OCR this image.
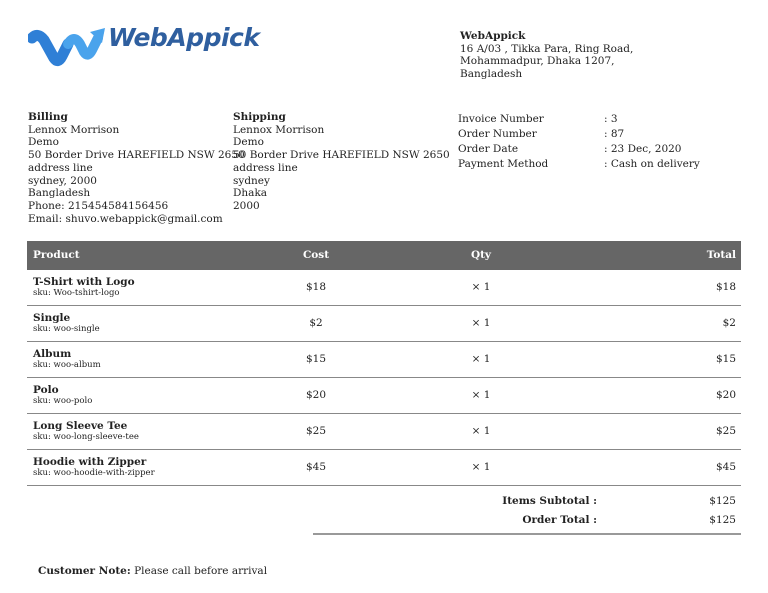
WebAppick	WebAppick
16 A/03 , Tikka Para, Ring Road,
Mohammadpur, Dhaka 1207,
Bangladesh
Billing
Lennox Morrison
Demo
50 Border Drive HAREFIELD NSW 2650
address line
sydney, 2000
Bangladesh
Phone: 215454584156456
Email: shuvo.webappick@gmail.com
Shipping
Lennox Morrison
Demo
50 Border Drive HAREFIELD NSW 2650
address line
sydney
Dhaka
2000
Invoice Number	: 3
Order Number	: 87
Order Date	: 23 Dec, 2020
Payment Method	: Cash on delivery
Product	Cost	Qty	Total

T-Shirt with Logo
sku: Woo-tshirt-logo	$18	× 1	$18

Single
sku: woo-single	$2	× 1	$2

Album
sku: woo-album	$15	× 1	$15

Polo
sku: woo-polo	$20	× 1	$20

Long Sleeve Tee
sku: woo-long-sleeve-tee	$25	× 1	$25

Hoodie with Zipper
sku: woo-hoodie-with-zipper	$45	× 1	$45
Items Subtotal :	$125
Order Total :	$125
Customer Note: Please call before arrival
